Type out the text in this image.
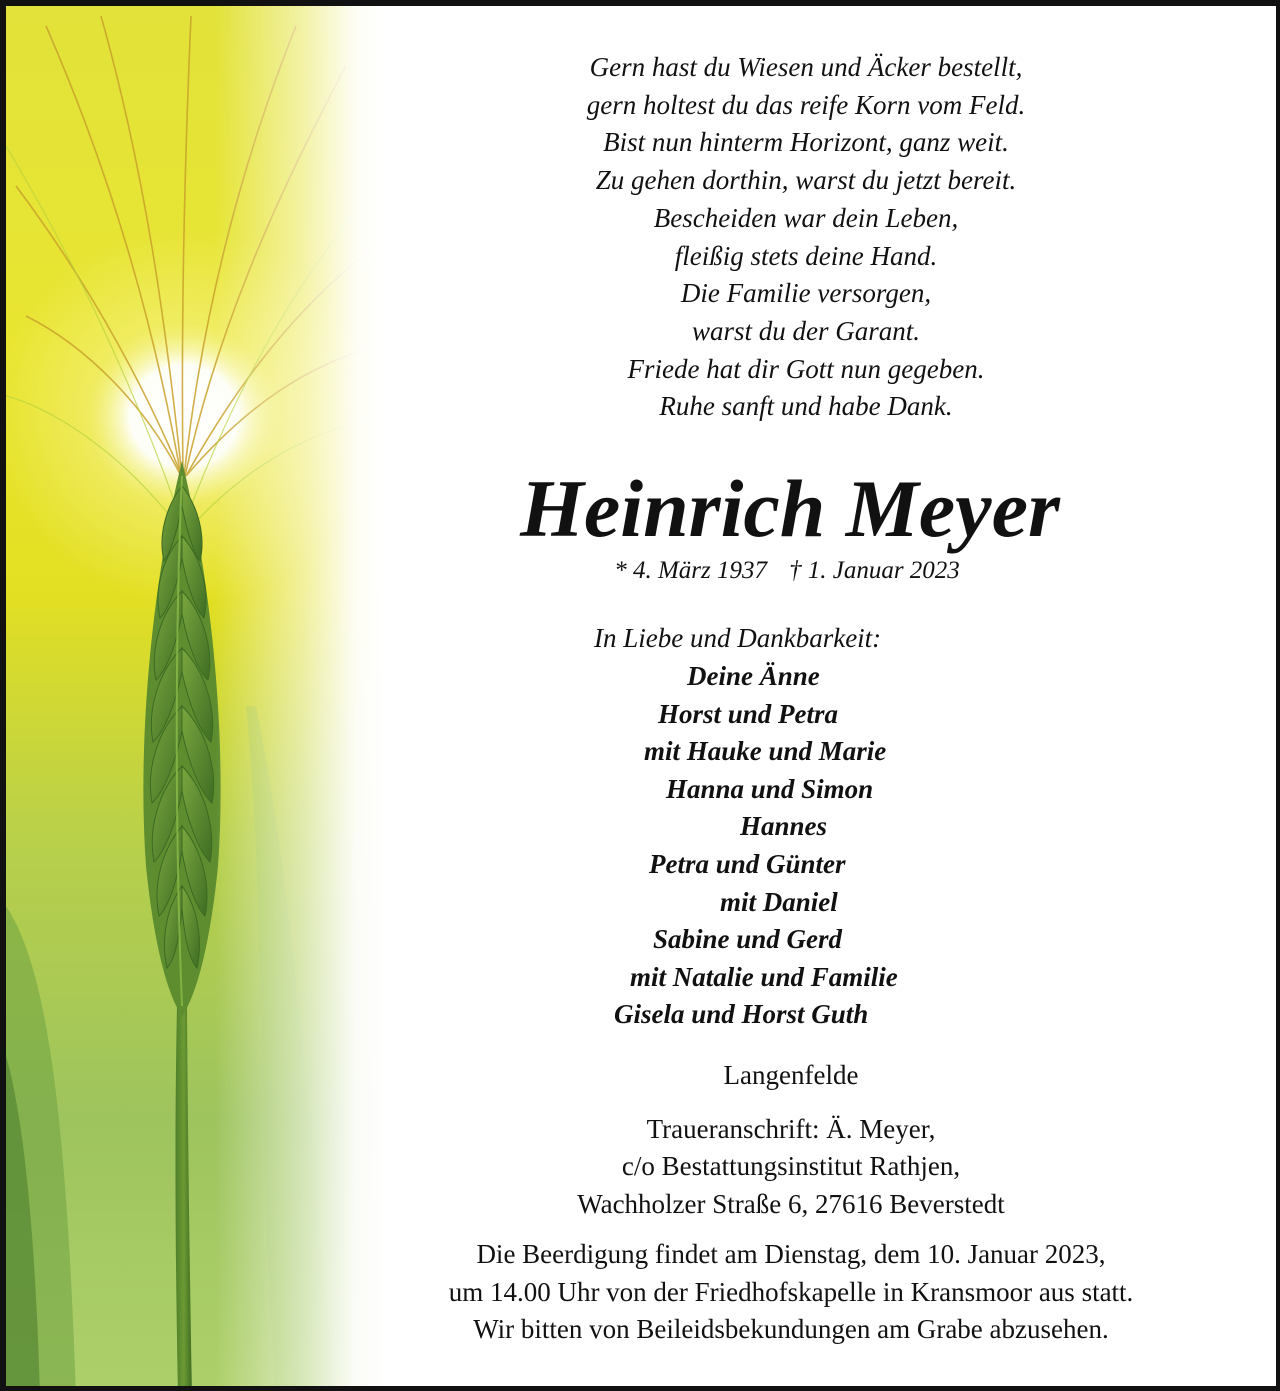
Gern hast du Wiesen und Äcker bestellt,
gern holtest du das reife Korn vom Feld.
Bist nun hinterm Horizont, ganz weit.
Zu gehen dorthin, warst du jetzt bereit.
Bescheiden war dein Leben,
fleißig stets deine Hand.
Die Familie versorgen,
warst du der Garant.
Friede hat dir Gott nun gegeben.
Ruhe sanft und habe Dank.
Heinrich Meyer
* 4. März 1937 † 1. Januar 2023
In Liebe und Dankbarkeit:
Deine Änne
Horst und Petra
mit Hauke und Marie
Hanna und Simon
Hannes
Petra und Günter
mit Daniel
Sabine und Gerd
mit Natalie und Familie
Gisela und Horst Guth
Langenfelde
Traueranschrift: Ä. Meyer,
c/o Bestattungsinstitut Rathjen,
Wachholzer Straße 6, 27616 Beverstedt
Die Beerdigung findet am Dienstag, dem 10. Januar 2023,
um 14.00 Uhr von der Friedhofskapelle in Kransmoor aus statt.
Wir bitten von Beileidsbekundungen am Grabe abzusehen.
